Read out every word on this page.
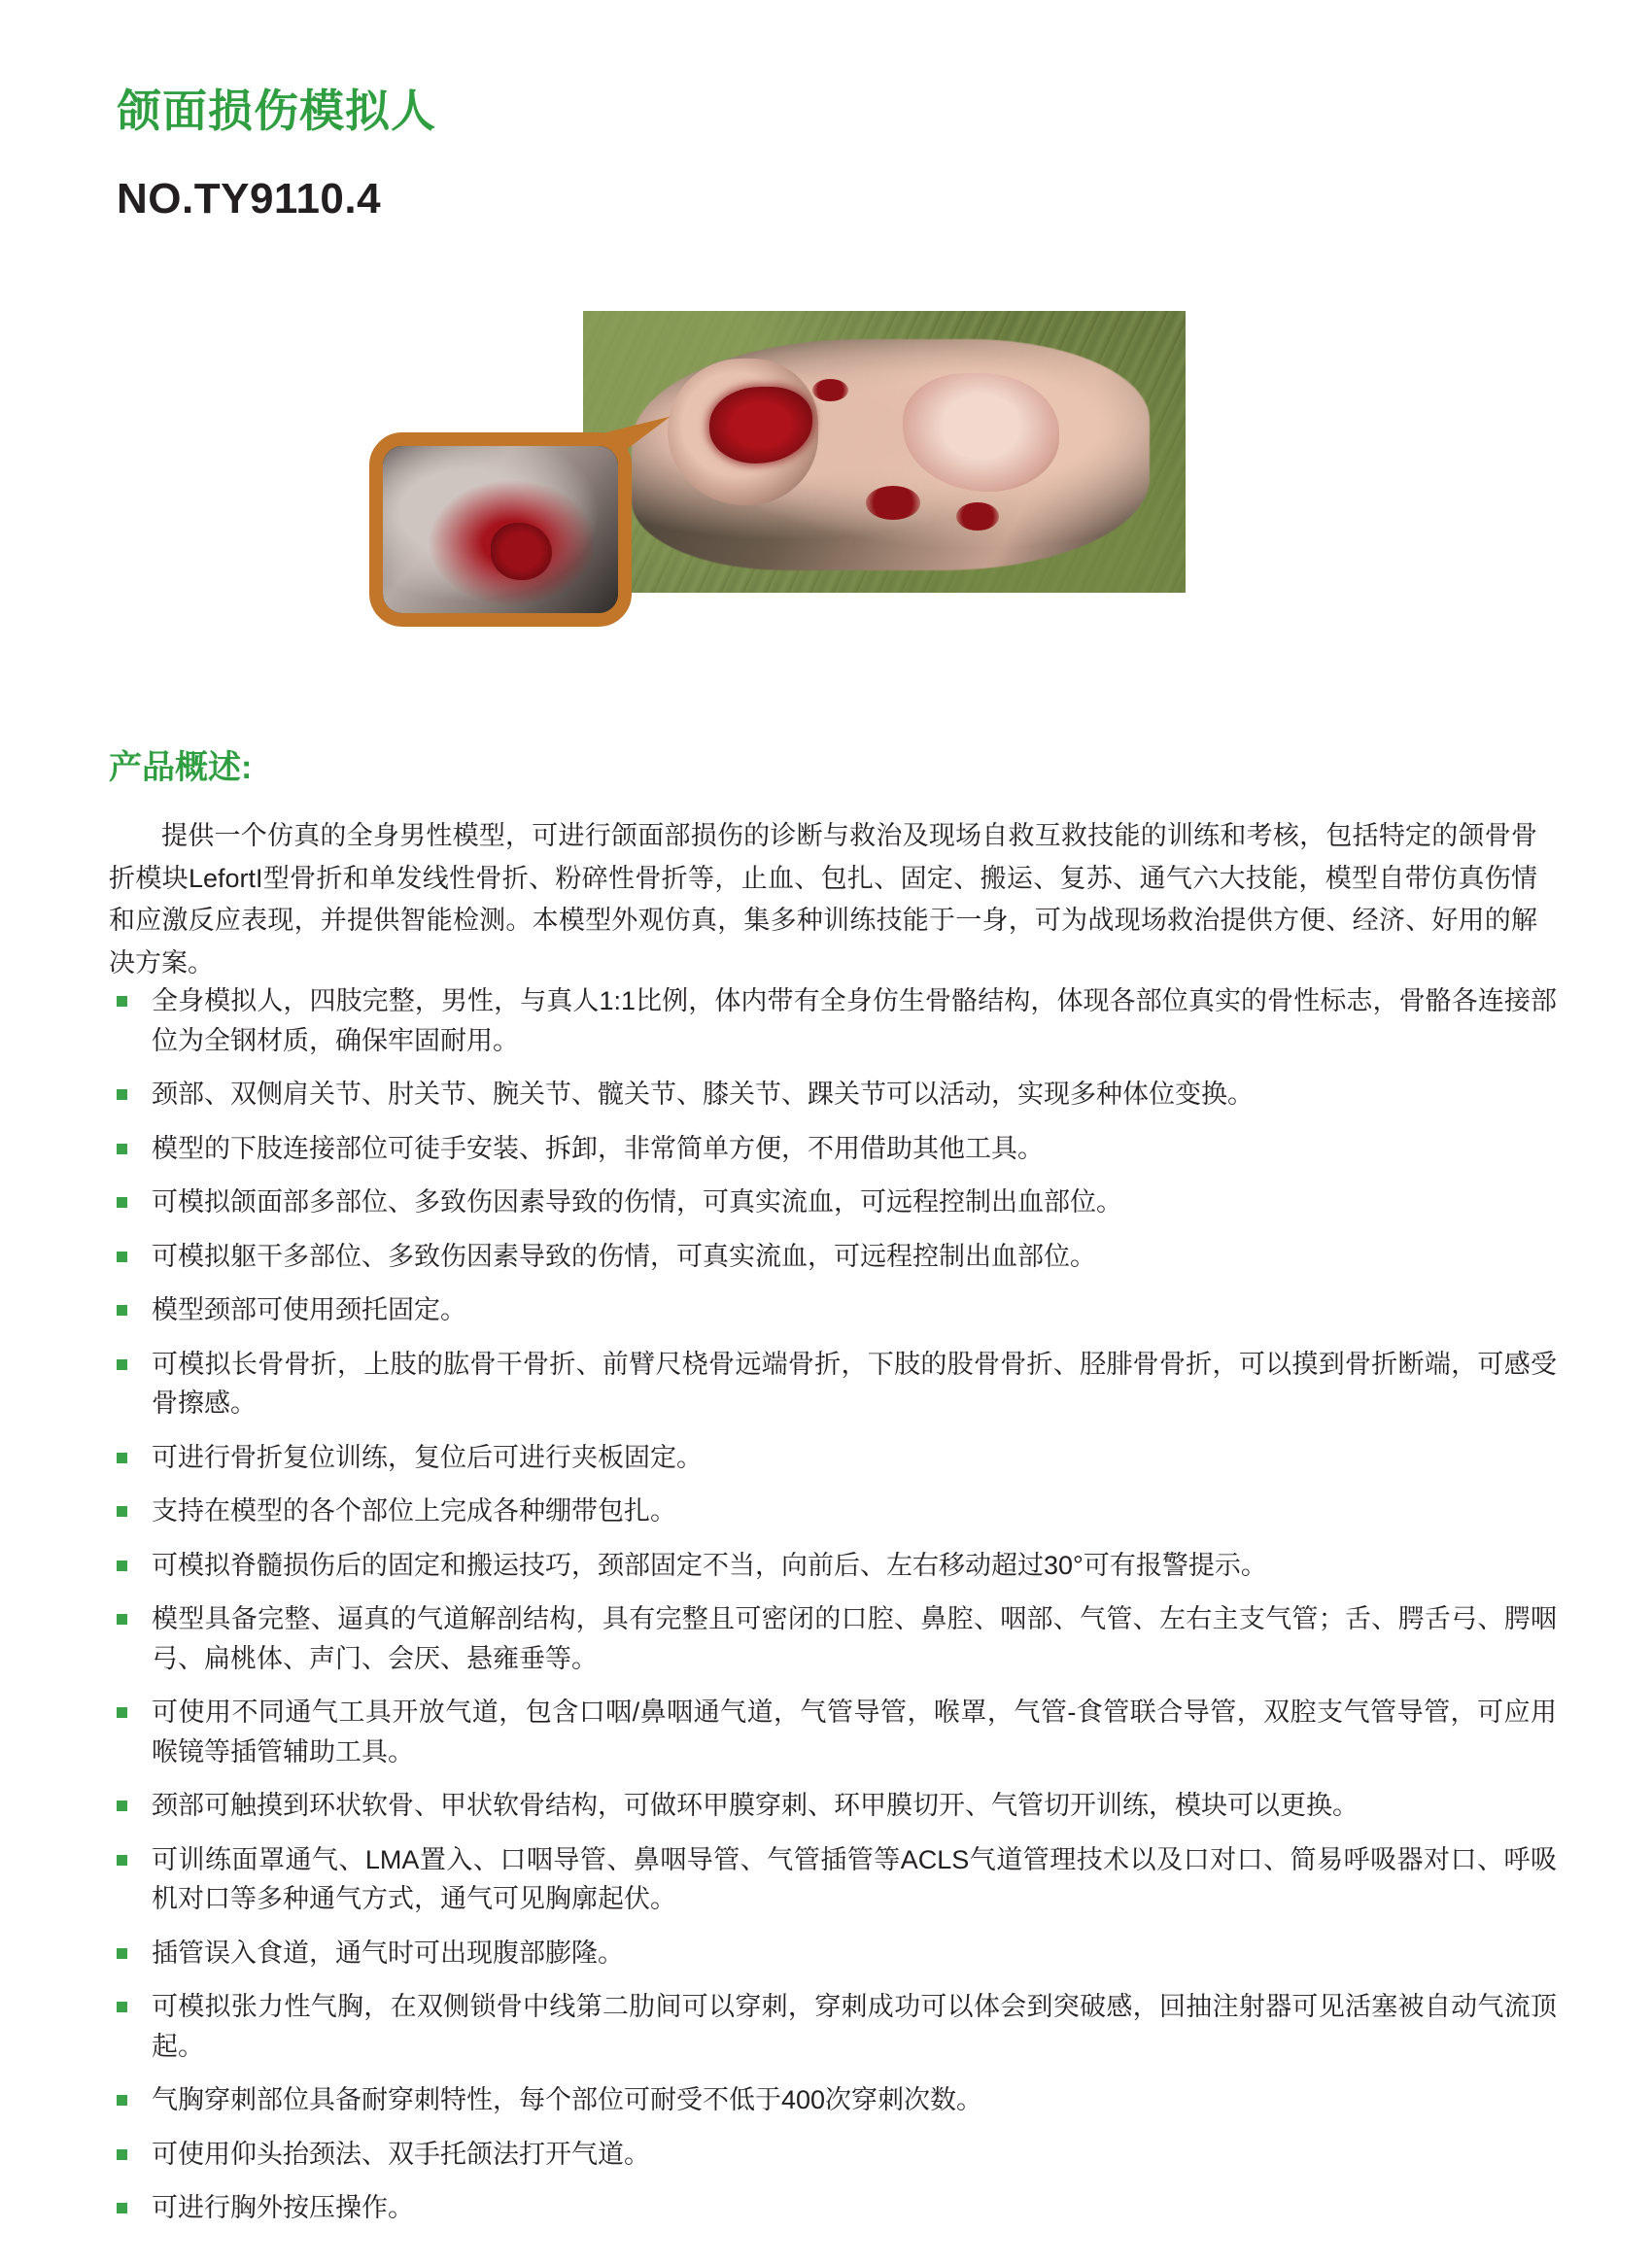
颌面损伤模拟人
NO.TY9110.4
产品概述:

提供一个仿真的全身男性模型，可进行颌面部损伤的诊断与救治及现场自救互救技能的训练和考核，包括特定的颌骨骨折模块LefortI型骨折和单发线性骨折、粉碎性骨折等，止血、包扎、固定、搬运、复苏、通气六大技能，模型自带仿真伤情和应激反应表现，并提供智能检测。本模型外观仿真，集多种训练技能于一身，可为战现场救治提供方便、经济、好用的解决方案。

全身模拟人，四肢完整，男性，与真人1:1比例，体内带有全身仿生骨骼结构，体现各部位真实的骨性标志，骨骼各连接部位为全钢材质，确保牢固耐用。
颈部、双侧肩关节、肘关节、腕关节、髋关节、膝关节、踝关节可以活动，实现多种体位变换。
模型的下肢连接部位可徒手安装、拆卸，非常简单方便，不用借助其他工具。
可模拟颌面部多部位、多致伤因素导致的伤情，可真实流血，可远程控制出血部位。
可模拟躯干多部位、多致伤因素导致的伤情，可真实流血，可远程控制出血部位。
模型颈部可使用颈托固定。
可模拟长骨骨折，上肢的肱骨干骨折、前臂尺桡骨远端骨折，下肢的股骨骨折、胫腓骨骨折，可以摸到骨折断端，可感受骨擦感。
可进行骨折复位训练，复位后可进行夹板固定。
支持在模型的各个部位上完成各种绷带包扎。
可模拟脊髓损伤后的固定和搬运技巧，颈部固定不当，向前后、左右移动超过30°可有报警提示。
模型具备完整、逼真的气道解剖结构，具有完整且可密闭的口腔、鼻腔、咽部、气管、左右主支气管；舌、腭舌弓、腭咽弓、扁桃体、声门、会厌、悬雍垂等。
可使用不同通气工具开放气道，包含口咽/鼻咽通气道，气管导管，喉罩，气管-食管联合导管，双腔支气管导管，可应用喉镜等插管辅助工具。
颈部可触摸到环状软骨、甲状软骨结构，可做环甲膜穿刺、环甲膜切开、气管切开训练，模块可以更换。
可训练面罩通气、LMA置入、口咽导管、鼻咽导管、气管插管等ACLS气道管理技术以及口对口、简易呼吸器对口、呼吸机对口等多种通气方式，通气可见胸廓起伏。
插管误入食道，通气时可出现腹部膨隆。
可模拟张力性气胸，在双侧锁骨中线第二肋间可以穿刺，穿刺成功可以体会到突破感，回抽注射器可见活塞被自动气流顶起。
气胸穿刺部位具备耐穿刺特性，每个部位可耐受不低于400次穿刺次数。
可使用仰头抬颈法、双手托颌法打开气道。
可进行胸外按压操作。
